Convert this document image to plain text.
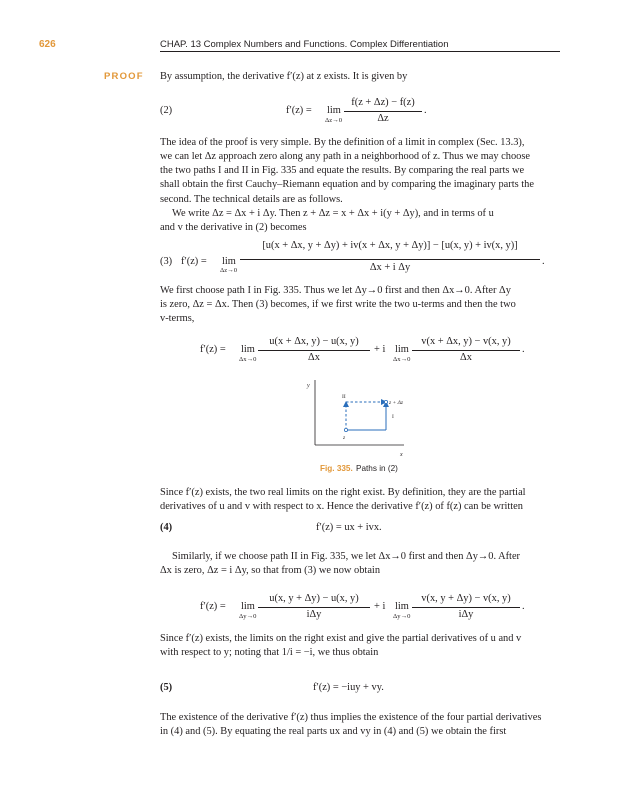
626	CHAP. 13 Complex Numbers and Functions. Complex Differentiation
PROOF By assumption, the derivative f′(z) at z exists. It is given by
(2)	f′(z) = lim
Δz→0
f(z + Δz) − f(z)
Δz
.
The idea of the proof is very simple. By the definition of a limit in complex (Sec. 13.3),
we can let Δz approach zero along any path in a neighborhood of z. Thus we may choose
the two paths I and II in Fig. 335 and equate the results. By comparing the real parts we
shall obtain the first Cauchy–Riemann equation and by comparing the imaginary parts the
second. The technical details are as follows.
We write Δz = Δx + i Δy. Then z + Δz = x + Δx + i(y + Δy), and in terms of u
and v the derivative in (2) becomes
(3) f′(z) = lim
Δz→0
[u(x + Δx, y + Δy) + iv(x + Δx, y + Δy)] − [u(x, y) + iv(x, y)]
Δx + i Δy
.
We first choose path I in Fig. 335. Thus we let Δy→0 first and then Δx→0. After Δy
is zero, Δz = Δx. Then (3) becomes, if we first write the two u-terms and then the two
v-terms,
f′(z) = lim
Δx→0
u(x + Δx, y) − u(x, y)
Δx
+ i lim
Δx→0
v(x + Δx, y) − v(x, y)
Δx
.
y
x
II
I
z
z + Δz
Fig. 335. Paths in (2)
Since f′(z) exists, the two real limits on the right exist. By definition, they are the partial
derivatives of u and v with respect to x. Hence the derivative f′(z) of f(z) can be written
(4)	f′(z) = ux + ivx.
Similarly, if we choose path II in Fig. 335, we let Δx→0 first and then Δy→0. After
Δx is zero, Δz = i Δy, so that from (3) we now obtain
f′(z) = lim
Δy→0
u(x, y + Δy) − u(x, y)
iΔy
+ i lim
Δy→0
v(x, y + Δy) − v(x, y)
iΔy
.
Since f′(z) exists, the limits on the right exist and give the partial derivatives of u and v
with respect to y; noting that 1/i = −i, we thus obtain
(5)	f′(z) = −iuy + vy.
The existence of the derivative f′(z) thus implies the existence of the four partial derivatives
in (4) and (5). By equating the real parts ux and vy in (4) and (5) we obtain the first
